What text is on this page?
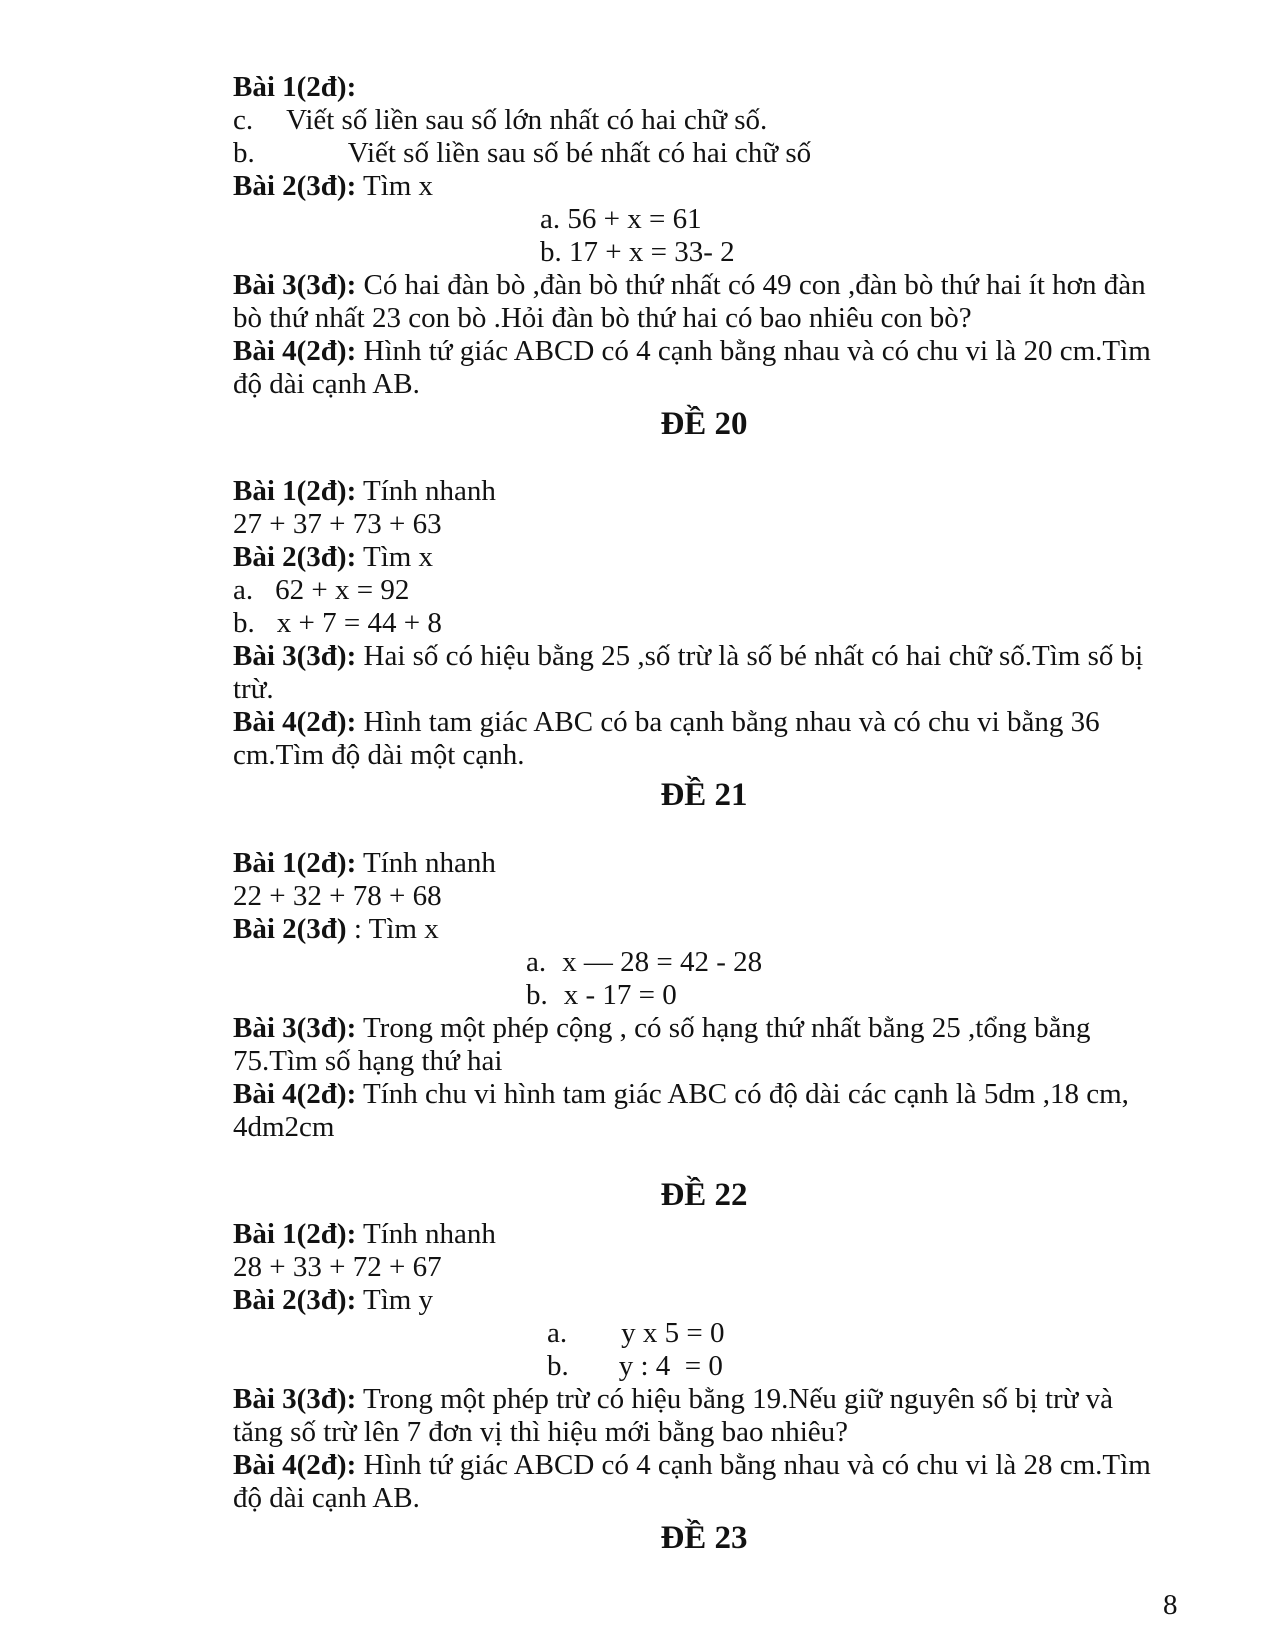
Bài 1(2đ):
c. Viết số liền sau số lớn nhất có hai chữ số.
b.	Viết số liền sau số bé nhất có hai chữ số
Bài 2(3đ): Tìm x
a. 56 + x = 61
b. 17 + x = 33- 2
Bài 3(3đ): Có hai đàn bò ,đàn bò thứ nhất có 49 con ,đàn bò thứ hai ít hơn đàn
bò thứ nhất 23 con bò .Hỏi đàn bò thứ hai có bao nhiêu con bò?
Bài 4(2đ): Hình tứ giác ABCD có 4 cạnh bằng nhau và có chu vi là 20 cm.Tìm
độ dài cạnh AB.
ĐỀ 20
Bài 1(2đ): Tính nhanh
27 + 37 + 73 + 63
Bài 2(3đ): Tìm x
a. 62 + x = 92
b. x + 7 = 44 + 8
Bài 3(3đ): Hai số có hiệu bằng 25 ,số trừ là số bé nhất có hai chữ số.Tìm số bị
trừ.
Bài 4(2đ): Hình tam giác ABC có ba cạnh bằng nhau và có chu vi bằng 36
cm.Tìm độ dài một cạnh.
ĐỀ 21
Bài 1(2đ): Tính nhanh
22 + 32 + 78 + 68
Bài 2(3đ) : Tìm x
a. x — 28 = 42 - 28
b. x - 17 = 0
Bài 3(3đ): Trong một phép cộng , có số hạng thứ nhất bằng 25 ,tổng bằng
75.Tìm số hạng thứ hai
Bài 4(2đ): Tính chu vi hình tam giác ABC có độ dài các cạnh là 5dm ,18 cm,
4dm2cm
ĐỀ 22
Bài 1(2đ): Tính nhanh
28 + 33 + 72 + 67
Bài 2(3đ): Tìm y
a. y x 5 = 0
b. y : 4  = 0
Bài 3(3đ): Trong một phép trừ có hiệu bằng 19.Nếu giữ nguyên số bị trừ và
tăng số trừ lên 7 đơn vị thì hiệu mới bằng bao nhiêu?
Bài 4(2đ): Hình tứ giác ABCD có 4 cạnh bằng nhau và có chu vi là 28 cm.Tìm
độ dài cạnh AB.
ĐỀ 23
8
